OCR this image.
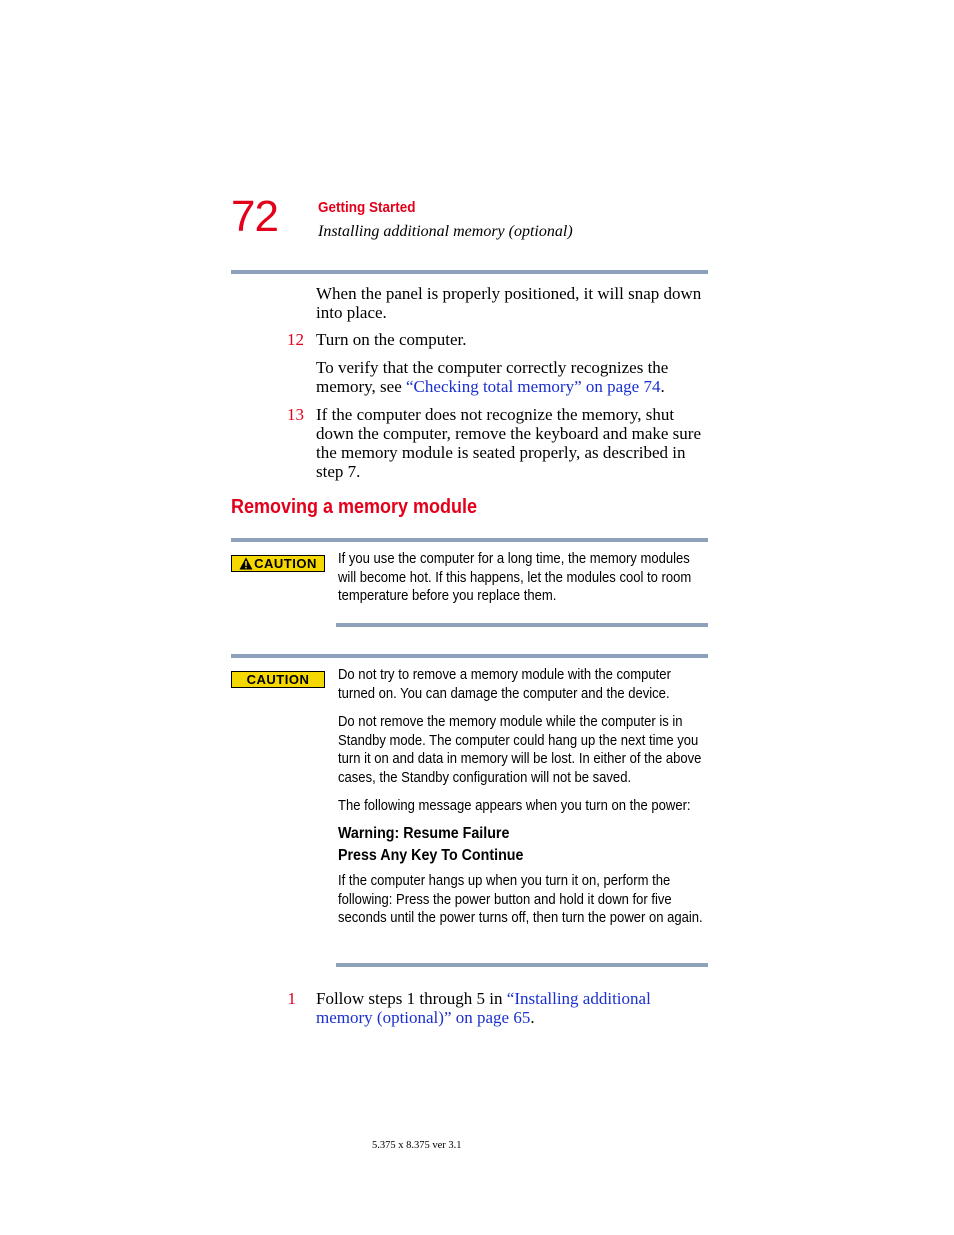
72	Getting Started
Installing additional memory (optional)
When the panel is properly positioned, it will snap down into place.
12 Turn on the computer.
To verify that the computer correctly recognizes the memory, see “Checking total memory” on page 74.
13 If the computer does not recognize the memory, shut down the computer, remove the keyboard and make sure the memory module is seated properly, as described in step 7.
Removing a memory module
CAUTION If you use the computer for a long time, the memory modules will become hot. If this happens, let the modules cool to room temperature before you replace them.
CAUTION Do not try to remove a memory module with the computer turned on. You can damage the computer and the device.
Do not remove the memory module while the computer is in Standby mode. The computer could hang up the next time you turn it on and data in memory will be lost. In either of the above cases, the Standby configuration will not be saved.
The following message appears when you turn on the power:
Warning: Resume Failure
Press Any Key To Continue
If the computer hangs up when you turn it on, perform the following: Press the power button and hold it down for five seconds until the power turns off, then turn the power on again.
1 Follow steps 1 through 5 in “Installing additional memory (optional)” on page 65.
5.375 x 8.375 ver 3.1
